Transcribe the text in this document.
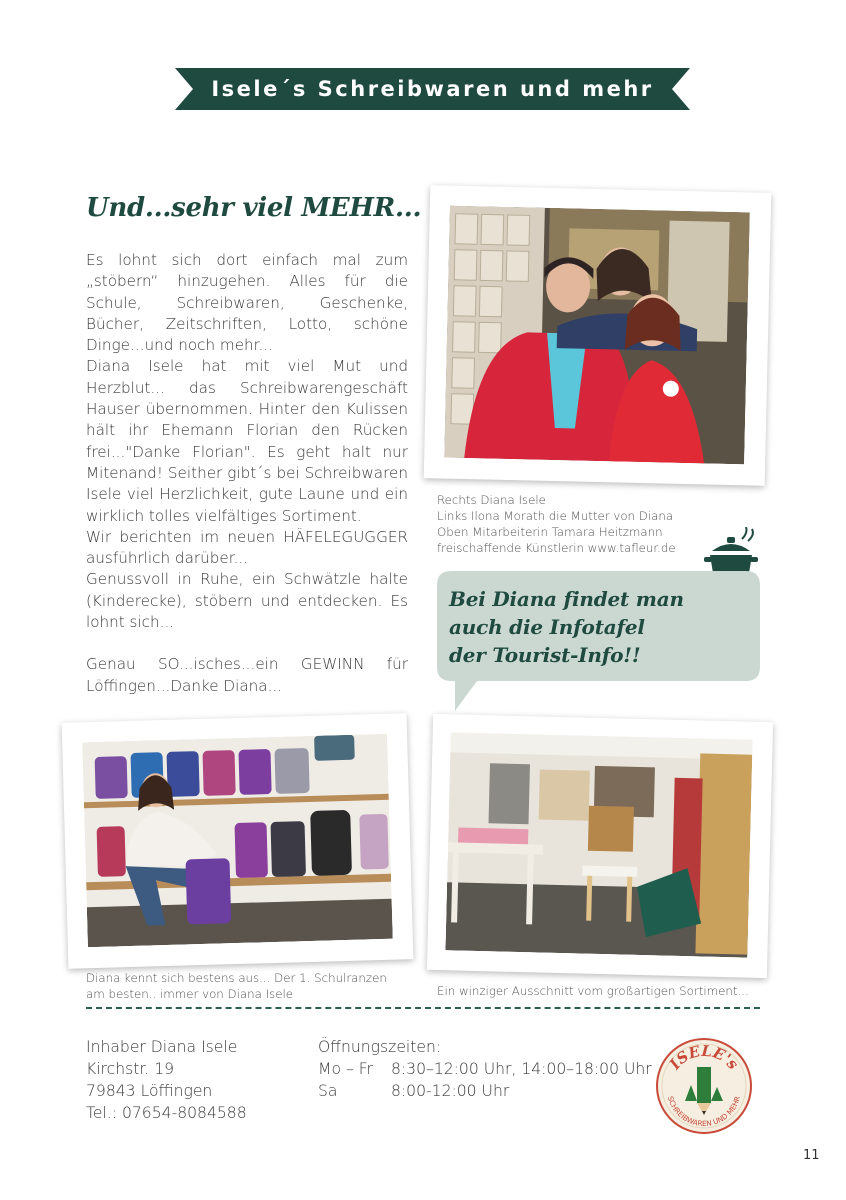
Isele´s Schreibwaren und mehr
Und...sehr viel MEHR...

Es lohnt sich dort einfach mal zum „stöbern“ hinzugehen. Alles für die Schule, Schreibwaren, Geschenke, Bücher, Zeitschriften, Lotto, schöne Dinge...und noch mehr...

Diana Isele hat mit viel Mut und Herzblut... das Schreibwarengeschäft Hauser übernommen. Hinter den Kulissen hält ihr Ehemann Florian den Rücken frei..."Danke Florian". Es geht halt nur Mitenand! Seither gibt´s bei Schreibwaren Isele viel Herzlichkeit, gute Laune und ein wirklich tolles vielfältiges Sortiment.

Wir berichten im neuen HÄFELEGUGGER ausführlich darüber...

Genussvoll in Ruhe, ein Schwätzle halte (Kinderecke), stöbern und entdecken. Es lohnt sich...

Genau SO...isches...ein GEWINN für Löffingen...Danke Diana...

Rechts Diana Isele
Links Ilona Morath die Mutter von Diana
Oben Mitarbeiterin Tamara Heitzmann
freischaffende Künstlerin www.tafleur.de
Bei Diana findet man
auch die Infotafel
der Tourist-Info!!
Diana kennt sich bestens aus... Der 1. Schulranzen
am besten.. immer von Diana Isele	Ein winziger Ausschnitt vom großartigen Sortiment...
Inhaber Diana Isele
Kirchstr. 19
79843 Löffingen
Tel.: 07654-8084588
Öffnungszeiten:
Mo – Fr	8:30–12:00 Uhr, 14:00–18:00 Uhr
Sa	8:00-12:00 Uhr
ISELE's
SCHREIBWAREN UND MEHR
11
